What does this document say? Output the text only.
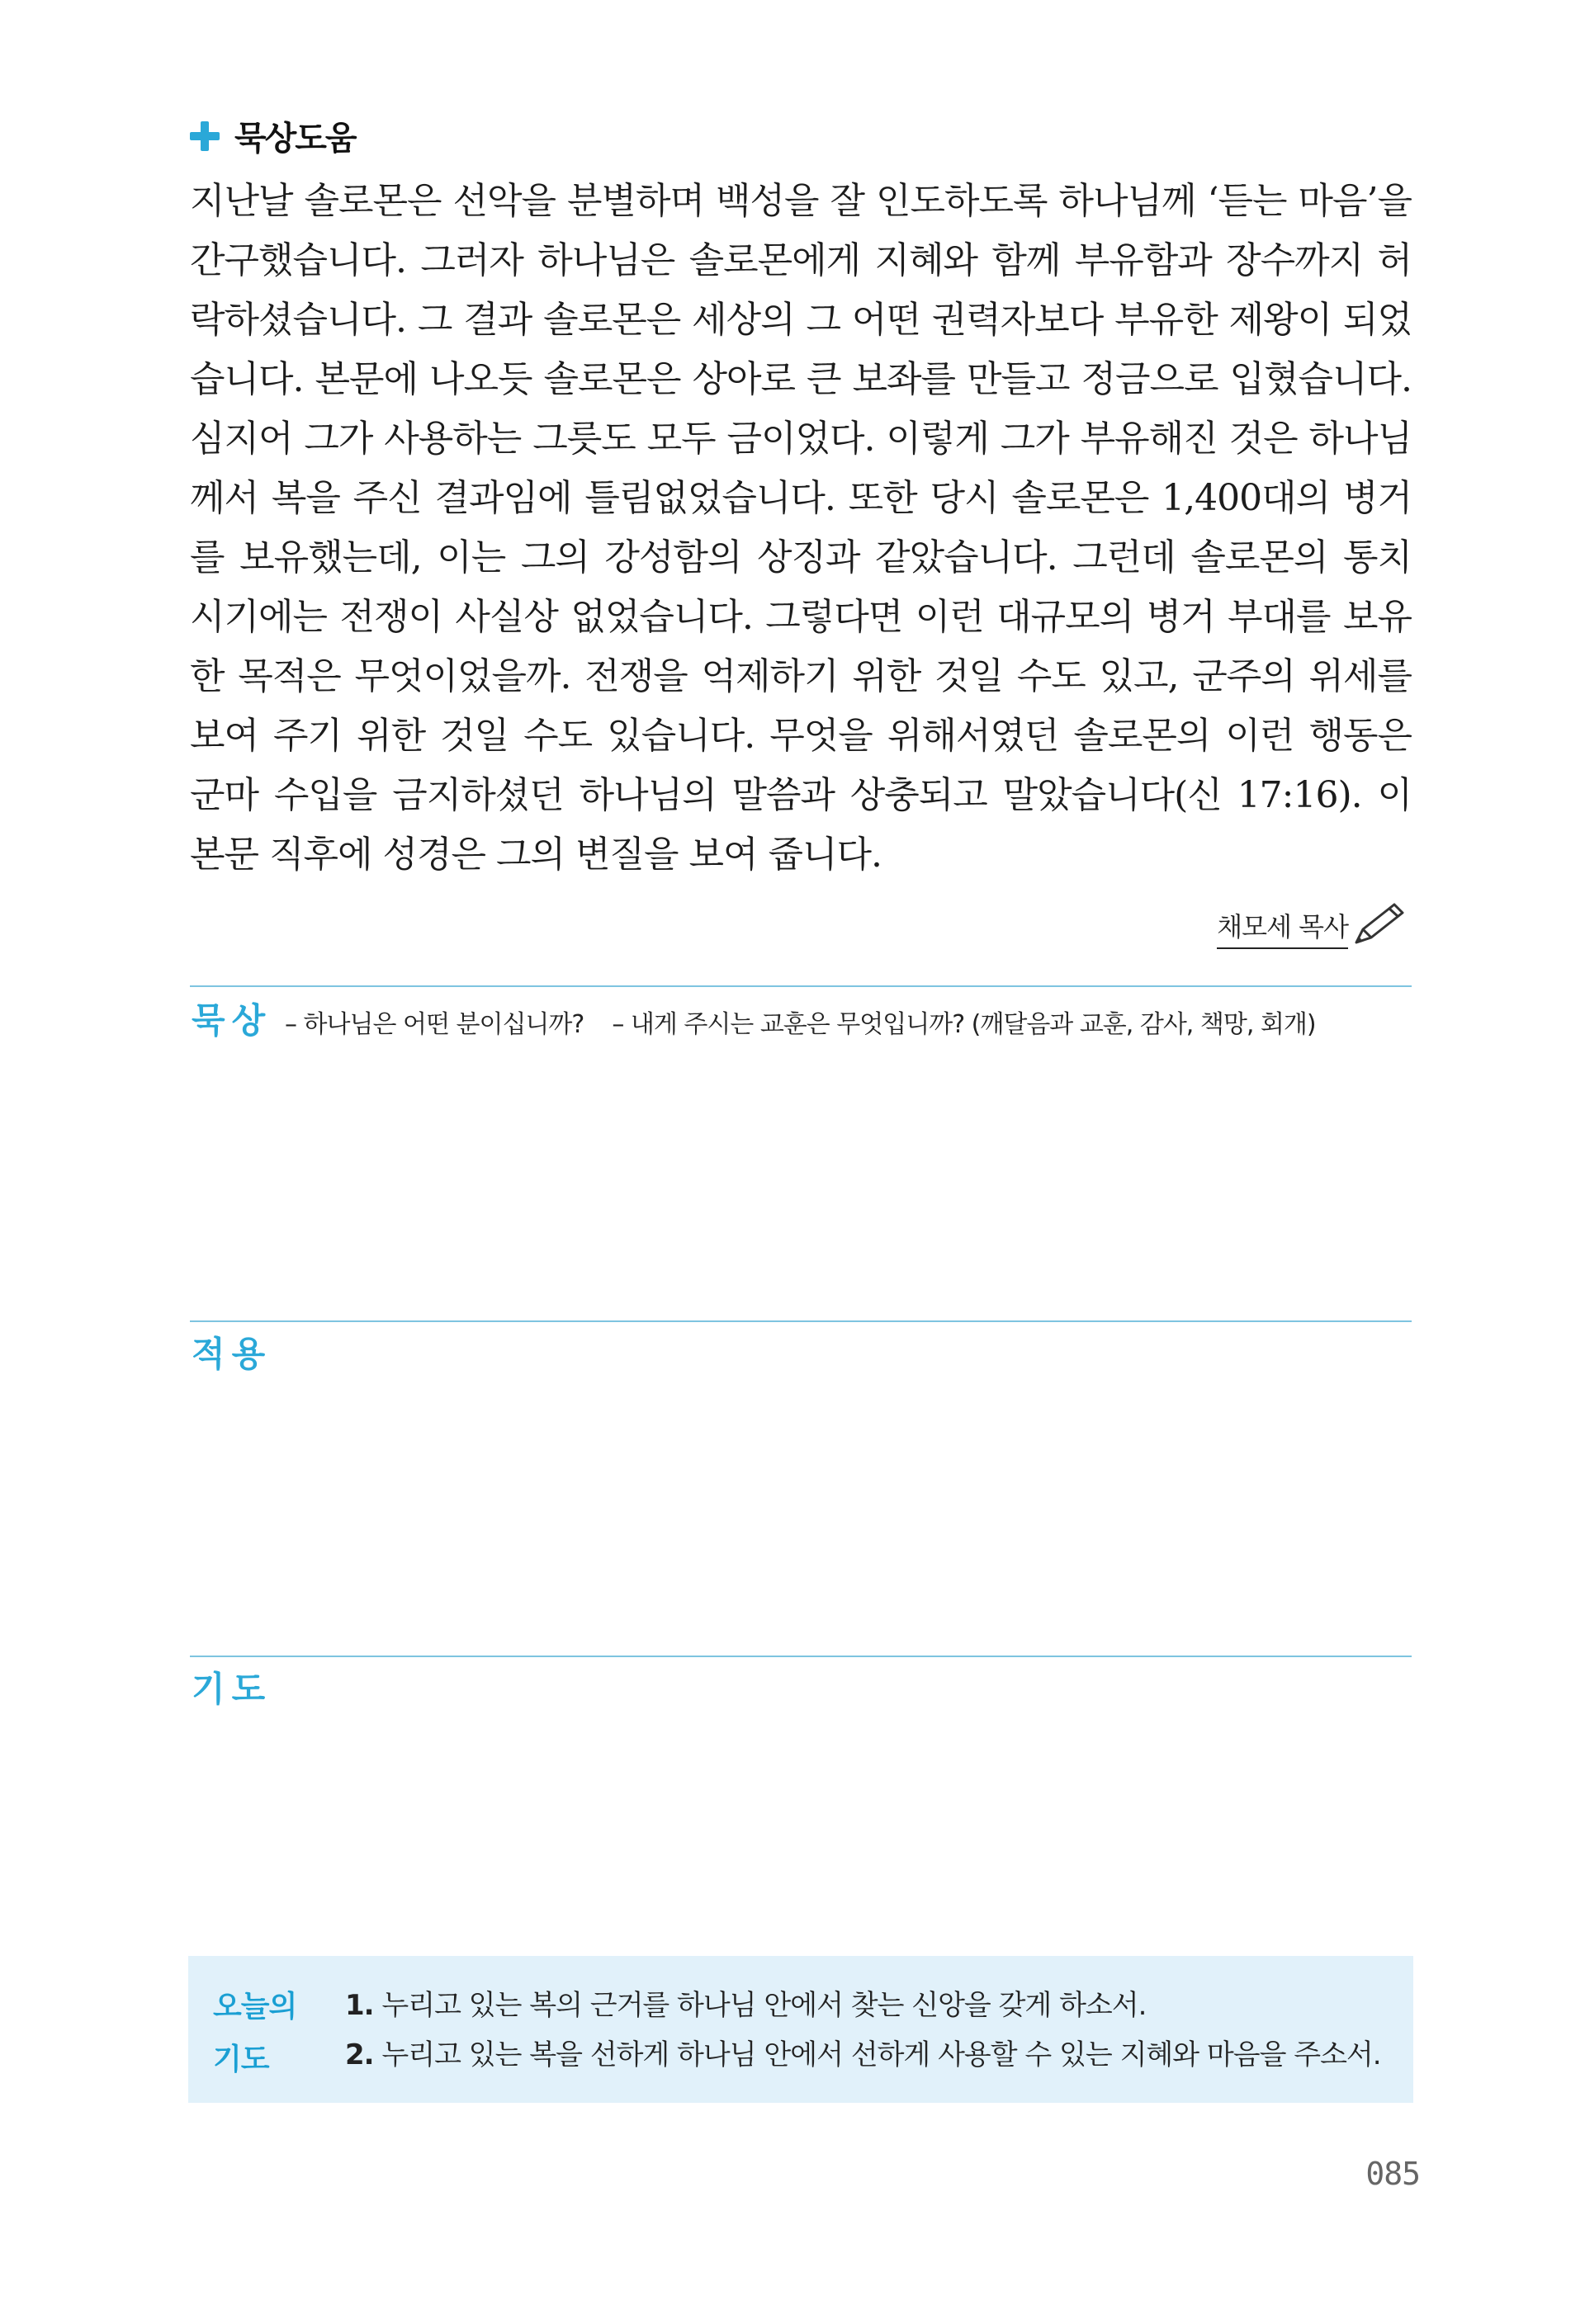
묵상도움

지난날 솔로몬은 선악을 분별하며 백성을 잘 인도하도록 하나님께 ‘듣는 마음’을 간구했습니다. 그러자 하나님은 솔로몬에게 지혜와 함께 부유함과 장수까지 허락하셨습니다. 그 결과 솔로몬은 세상의 그 어떤 권력자보다 부유한 제왕이 되었습니다. 본문에 나오듯 솔로몬은 상아로 큰 보좌를 만들고 정금으로 입혔습니다. 심지어 그가 사용하는 그릇도 모두 금이었다. 이렇게 그가 부유해진 것은 하나님께서 복을 주신 결과임에 틀림없었습니다. 또한 당시 솔로몬은 1,400대의 병거를 보유했는데, 이는 그의 강성함의 상징과 같았습니다. 그런데 솔로몬의 통치 시기에는 전쟁이 사실상 없었습니다. 그렇다면 이런 대규모의 병거 부대를 보유한 목적은 무엇이었을까. 전쟁을 억제하기 위한 것일 수도 있고, 군주의 위세를 보여 주기 위한 것일 수도 있습니다. 무엇을 위해서였던 솔로몬의 이런 행동은 군마 수입을 금지하셨던 하나님의 말씀과 상충되고 말았습니다(신 17:16). 이 본문 직후에 성경은 그의 변질을 보여 줍니다.

채모세 목사
묵상 – 하나님은 어떤 분이십니까? – 내게 주시는 교훈은 무엇입니까? (깨달음과 교훈, 감사, 책망, 회개)
적용
기도
오늘의
기도
1. 누리고 있는 복의 근거를 하나님 안에서 찾는 신앙을 갖게 하소서.
2. 누리고 있는 복을 선하게 하나님 안에서 선하게 사용할 수 있는 지혜와 마음을 주소서.
085
